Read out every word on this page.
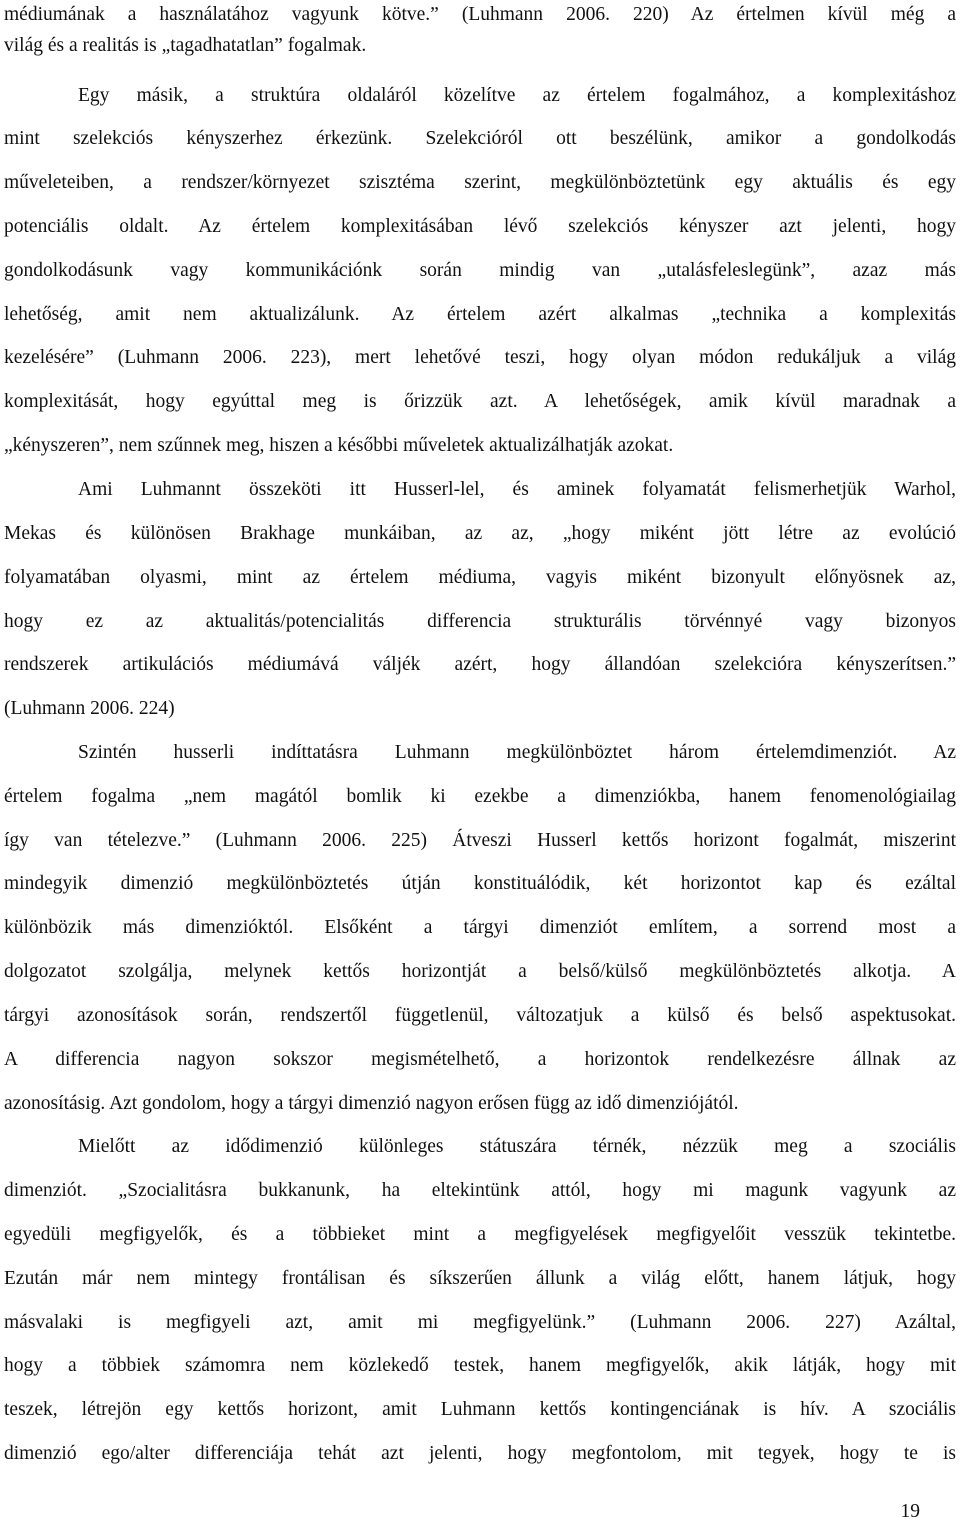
médiumának a használatához vagyunk kötve.” (Luhmann 2006. 220) Az értelmen kívül még a
világ és a realitás is „tagadhatatlan” fogalmak.
Egy másik, a struktúra oldaláról közelítve az értelem fogalmához, a komplexitáshoz
mint szelekciós kényszerhez érkezünk. Szelekcióról ott beszélünk, amikor a gondolkodás
műveleteiben, a rendszer/környezet szisztéma szerint, megkülönböztetünk egy aktuális és egy
potenciális oldalt. Az értelem komplexitásában lévő szelekciós kényszer azt jelenti, hogy
gondolkodásunk vagy kommunikációnk során mindig van „utalásfeleslegünk”, azaz más
lehetőség, amit nem aktualizálunk. Az értelem azért alkalmas „technika a komplexitás
kezelésére” (Luhmann 2006. 223), mert lehetővé teszi, hogy olyan módon redukáljuk a világ
komplexitását, hogy egyúttal meg is őrizzük azt. A lehetőségek, amik kívül maradnak a
„kényszeren”, nem szűnnek meg, hiszen a későbbi műveletek aktualizálhatják azokat.
Ami Luhmannt összeköti itt Husserl-lel, és aminek folyamatát felismerhetjük Warhol,
Mekas és különösen Brakhage munkáiban, az az, „hogy miként jött létre az evolúció
folyamatában olyasmi, mint az értelem médiuma, vagyis miként bizonyult előnyösnek az,
hogy ez az aktualitás/potencialitás differencia strukturális törvénnyé vagy bizonyos
rendszerek artikulációs médiumává váljék azért, hogy állandóan szelekcióra kényszerítsen.”
(Luhmann 2006. 224)
Szintén husserli indíttatásra Luhmann megkülönböztet három értelemdimenziót. Az
értelem fogalma „nem magától bomlik ki ezekbe a dimenziókba, hanem fenomenológiailag
így van tételezve.” (Luhmann 2006. 225) Átveszi Husserl kettős horizont fogalmát, miszerint
mindegyik dimenzió megkülönböztetés útján konstituálódik, két horizontot kap és ezáltal
különbözik más dimenzióktól. Elsőként a tárgyi dimenziót említem, a sorrend most a
dolgozatot szolgálja, melynek kettős horizontját a belső/külső megkülönböztetés alkotja. A
tárgyi azonosítások során, rendszertől függetlenül, változatjuk a külső és belső aspektusokat.
A differencia nagyon sokszor megismételhető, a horizontok rendelkezésre állnak az
azonosításig. Azt gondolom, hogy a tárgyi dimenzió nagyon erősen függ az idő dimenziójától.
Mielőtt az idődimenzió különleges státuszára térnék, nézzük meg a szociális
dimenziót. „Szocialitásra bukkanunk, ha eltekintünk attól, hogy mi magunk vagyunk az
egyedüli megfigyelők, és a többieket mint a megfigyelések megfigyelőit vesszük tekintetbe.
Ezután már nem mintegy frontálisan és síkszerűen állunk a világ előtt, hanem látjuk, hogy
másvalaki is megfigyeli azt, amit mi megfigyelünk.” (Luhmann 2006. 227) Azáltal,
hogy a többiek számomra nem közlekedő testek, hanem megfigyelők, akik látják, hogy mit
teszek, létrejön egy kettős horizont, amit Luhmann kettős kontingenciának is hív. A szociális
dimenzió ego/alter differenciája tehát azt jelenti, hogy megfontolom, mit tegyek, hogy te is
19
